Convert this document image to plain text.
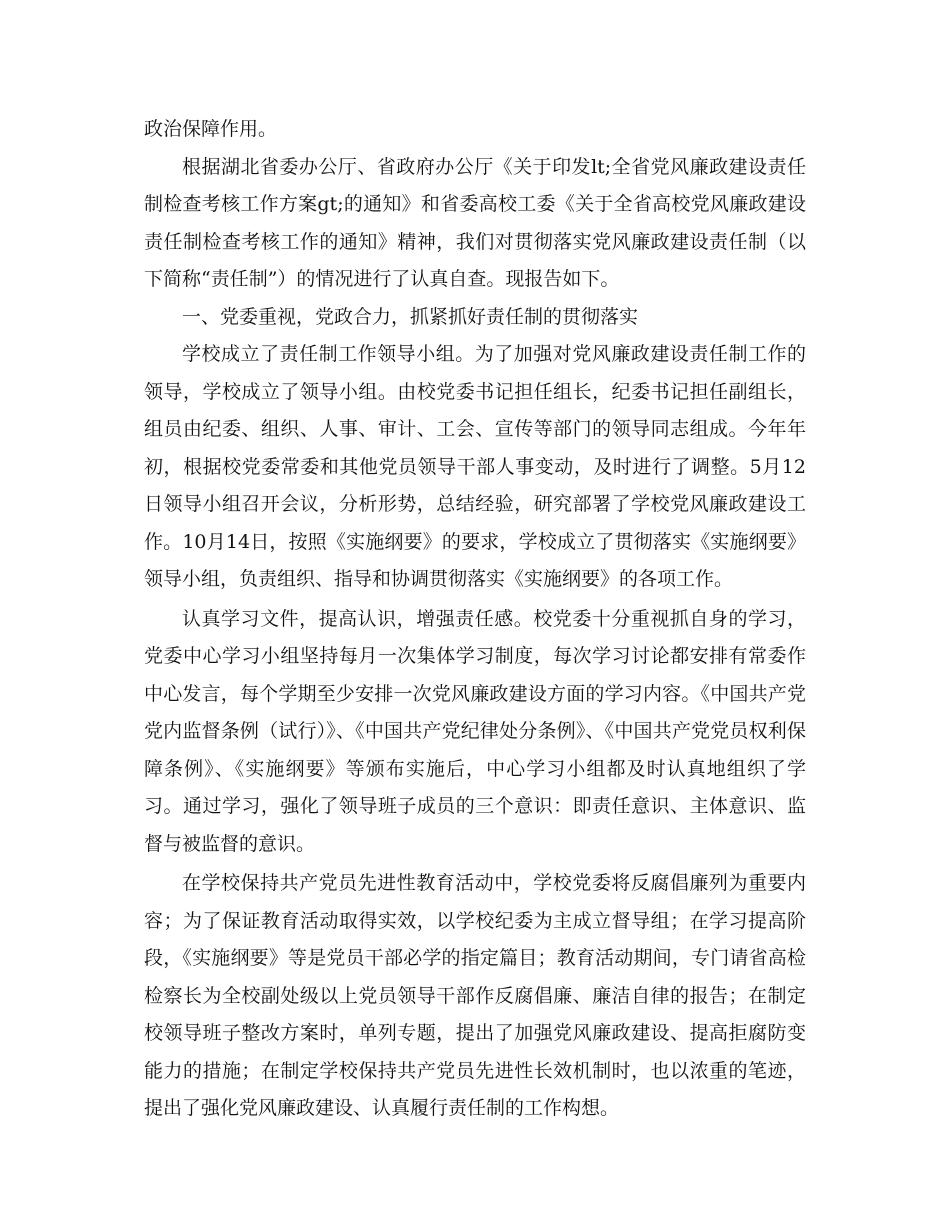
政治保障作用。

根据湖北省委办公厅、省政府办公厅《关于印发lt;全省党风廉政建设责任制检查考核工作方案gt;的通知》和省委高校工委《关于全省高校党风廉政建设责任制检查考核工作的通知》精神，我们对贯彻落实党风廉政建设责任制（以下简称“责任制”）的情况进行了认真自查。现报告如下。

一、党委重视，党政合力，抓紧抓好责任制的贯彻落实

学校成立了责任制工作领导小组。为了加强对党风廉政建设责任制工作的领导，学校成立了领导小组。由校党委书记担任组长，纪委书记担任副组长，组员由纪委、组织、人事、审计、工会、宣传等部门的领导同志组成。今年年初，根据校党委常委和其他党员领导干部人事变动，及时进行了调整。5月12日领导小组召开会议，分析形势，总结经验，研究部署了学校党风廉政建设工作。10月14日，按照《实施纲要》的要求，学校成立了贯彻落实《实施纲要》领导小组，负责组织、指导和协调贯彻落实《实施纲要》的各项工作。

认真学习文件，提高认识，增强责任感。校党委十分重视抓自身的学习，党委中心学习小组坚持每月一次集体学习制度，每次学习讨论都安排有常委作中心发言，每个学期至少安排一次党风廉政建设方面的学习内容。《中国共产党党内监督条例（试行）》、《中国共产党纪律处分条例》、《中国共产党党员权利保障条例》、《实施纲要》等颁布实施后，中心学习小组都及时认真地组织了学习。通过学习，强化了领导班子成员的三个意识：即责任意识、主体意识、监督与被监督的意识。

在学校保持共产党员先进性教育活动中，学校党委将反腐倡廉列为重要内容；为了保证教育活动取得实效，以学校纪委为主成立督导组；在学习提高阶段，《实施纲要》等是党员干部必学的指定篇目；教育活动期间，专门请省高检检察长为全校副处级以上党员领导干部作反腐倡廉、廉洁自律的报告；在制定校领导班子整改方案时，单列专题，提出了加强党风廉政建设、提高拒腐防变能力的措施；在制定学校保持共产党员先进性长效机制时，也以浓重的笔迹，提出了强化党风廉政建设、认真履行责任制的工作构想。
